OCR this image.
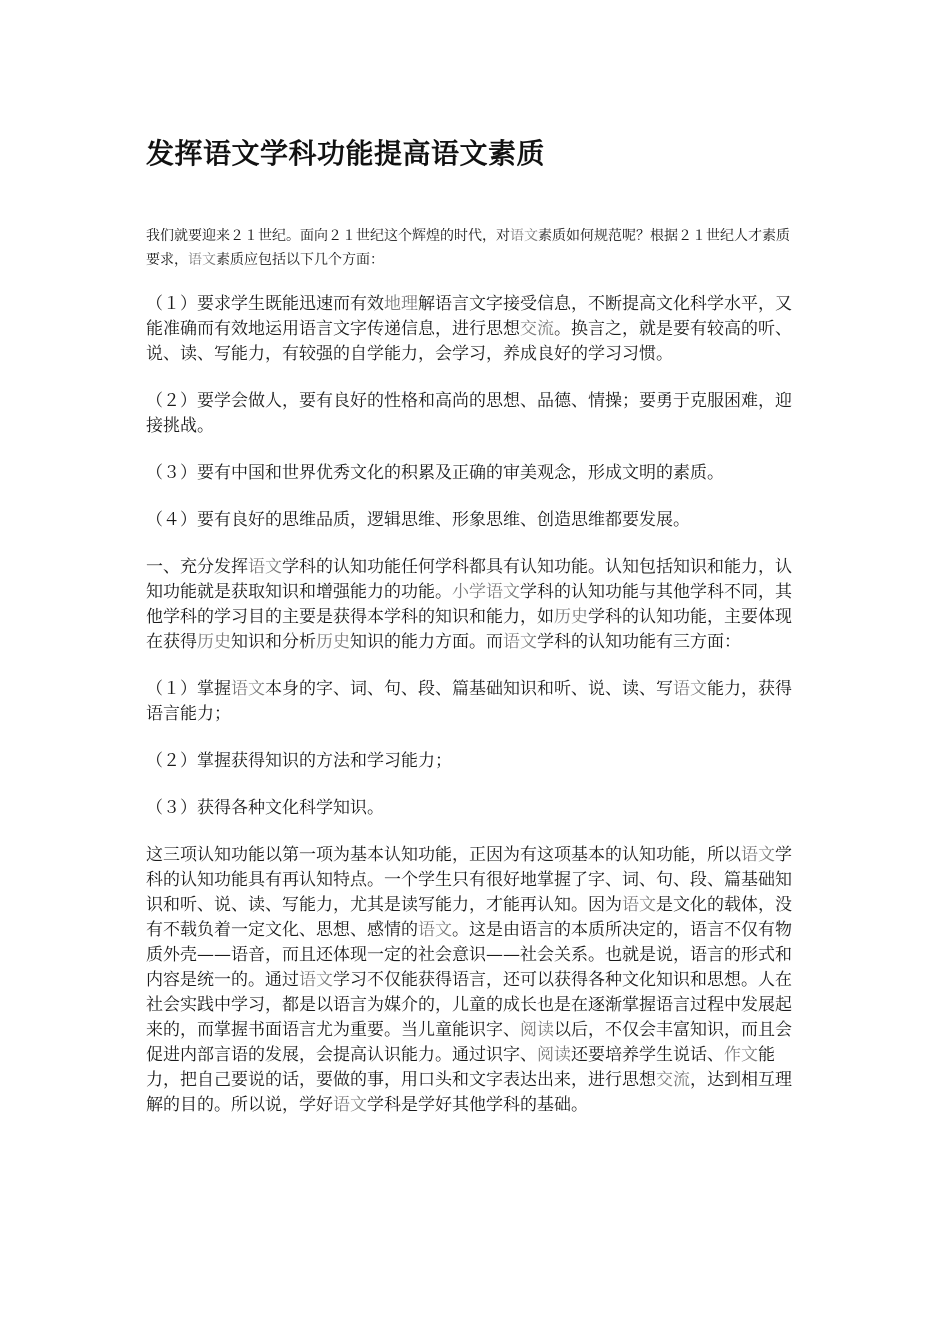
发挥语文学科功能提高语文素质

我们就要迎来２１世纪。面向２１世纪这个辉煌的时代，对语文素质如何规范呢？根据２１世纪人才素质要求，语文素质应包括以下几个方面：

（１）要求学生既能迅速而有效地理解语言文字接受信息，不断提高文化科学水平，又能准确而有效地运用语言文字传递信息，进行思想交流。换言之，就是要有较高的听、说、读、写能力，有较强的自学能力，会学习，养成良好的学习习惯。

（２）要学会做人，要有良好的性格和高尚的思想、品德、情操；要勇于克服困难，迎接挑战。

（３）要有中国和世界优秀文化的积累及正确的审美观念，形成文明的素质。

（４）要有良好的思维品质，逻辑思维、形象思维、创造思维都要发展。

一、充分发挥语文学科的认知功能任何学科都具有认知功能。认知包括知识和能力，认知功能就是获取知识和增强能力的功能。小学语文学科的认知功能与其他学科不同，其他学科的学习目的主要是获得本学科的知识和能力，如历史学科的认知功能，主要体现在获得历史知识和分析历史知识的能力方面。而语文学科的认知功能有三方面：

（１）掌握语文本身的字、词、句、段、篇基础知识和听、说、读、写语文能力，获得语言能力；

（２）掌握获得知识的方法和学习能力；

（３）获得各种文化科学知识。

这三项认知功能以第一项为基本认知功能，正因为有这项基本的认知功能，所以语文学科的认知功能具有再认知特点。一个学生只有很好地掌握了字、词、句、段、篇基础知识和听、说、读、写能力，尤其是读写能力，才能再认知。因为语文是文化的载体，没有不载负着一定文化、思想、感情的语文。这是由语言的本质所决定的，语言不仅有物质外壳——语音，而且还体现一定的社会意识——社会关系。也就是说，语言的形式和内容是统一的。通过语文学习不仅能获得语言，还可以获得各种文化知识和思想。人在社会实践中学习，都是以语言为媒介的，儿童的成长也是在逐渐掌握语言过程中发展起来的，而掌握书面语言尤为重要。当儿童能识字、阅读以后，不仅会丰富知识，而且会促进内部言语的发展，会提高认识能力。通过识字、阅读还要培养学生说话、作文能力，把自己要说的话，要做的事，用口头和文字表达出来，进行思想交流，达到相互理解的目的。所以说，学好语文学科是学好其他学科的基础。
